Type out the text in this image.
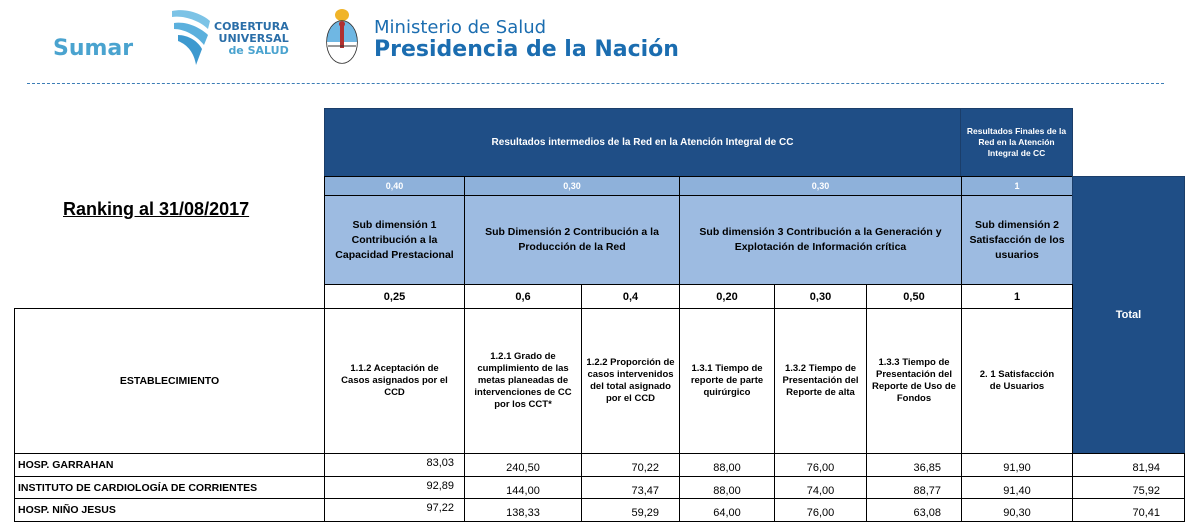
Sumar
COBERTURA
UNIVERSAL
de SALUD
Ministerio de Salud
Presidencia de la Nación
Ranking al 31/08/2017
Resultados intermedios de la Red en la Atención Integral de CC
Resultados Finales de la Red en la Atención Integral de CC
0,40	0,30	0,30	1
Sub dimensión 1 Contribución a la Capacidad Prestacional
Sub Dimensión 2 Contribución a la Producción de la Red
Sub dimensión 3 Contribución a la Generación y Explotación de Información crítica
Sub dimensión 2 Satisfacción de los usuarios
Total
0,25	0,6	0,4	0,20	0,30	0,50	1
ESTABLECIMIENTO
1.1.2 Aceptación de Casos asignados por el CCD
1.2.1 Grado de cumplimiento de las metas planeadas de intervenciones de CC por los CCT*
1.2.2 Proporción de casos intervenidos del total asignado por el CCD
1.3.1 Tiempo de reporte de parte quirúrgico
1.3.2 Tiempo de Presentación del Reporte de alta
1.3.3 Tiempo de Presentación del Reporte de Uso de Fondos
2. 1 Satisfacción de Usuarios
HOSP. GARRAHAN	83,03	240,50	70,22	88,00	76,00	36,85	91,90	81,94
INSTITUTO DE CARDIOLOGÍA DE CORRIENTES	92,89	144,00	73,47	88,00	74,00	88,77	91,40	75,92
HOSP. NIÑO JESUS	97,22	138,33	59,29	64,00	76,00	63,08	90,30	70,41
